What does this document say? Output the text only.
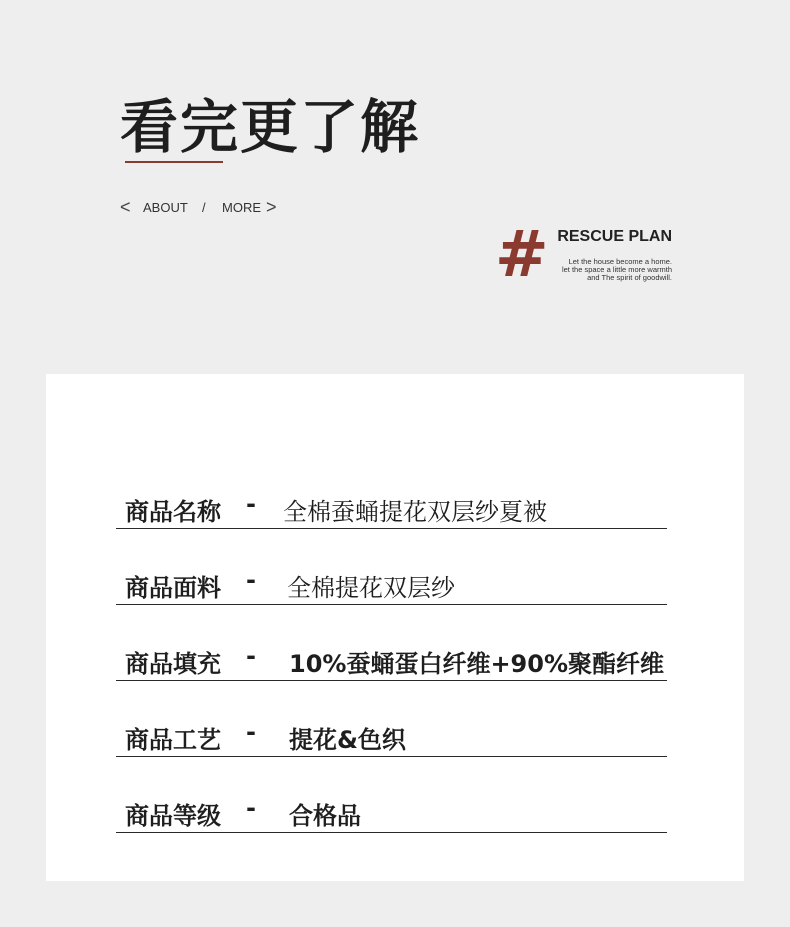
看完更了解
< ABOUT / MORE >
# RESCUE PLAN
Let the house become a home.
let the space a little more warmth
and The spirit of goodwill.
商品名称 - 全棉蚕蛹提花双层纱夏被
商品面料 - 全棉提花双层纱
商品填充 - 10%蚕蛹蛋白纤维+90%聚酯纤维
商品工艺 - 提花&色织
商品等级 - 合格品
